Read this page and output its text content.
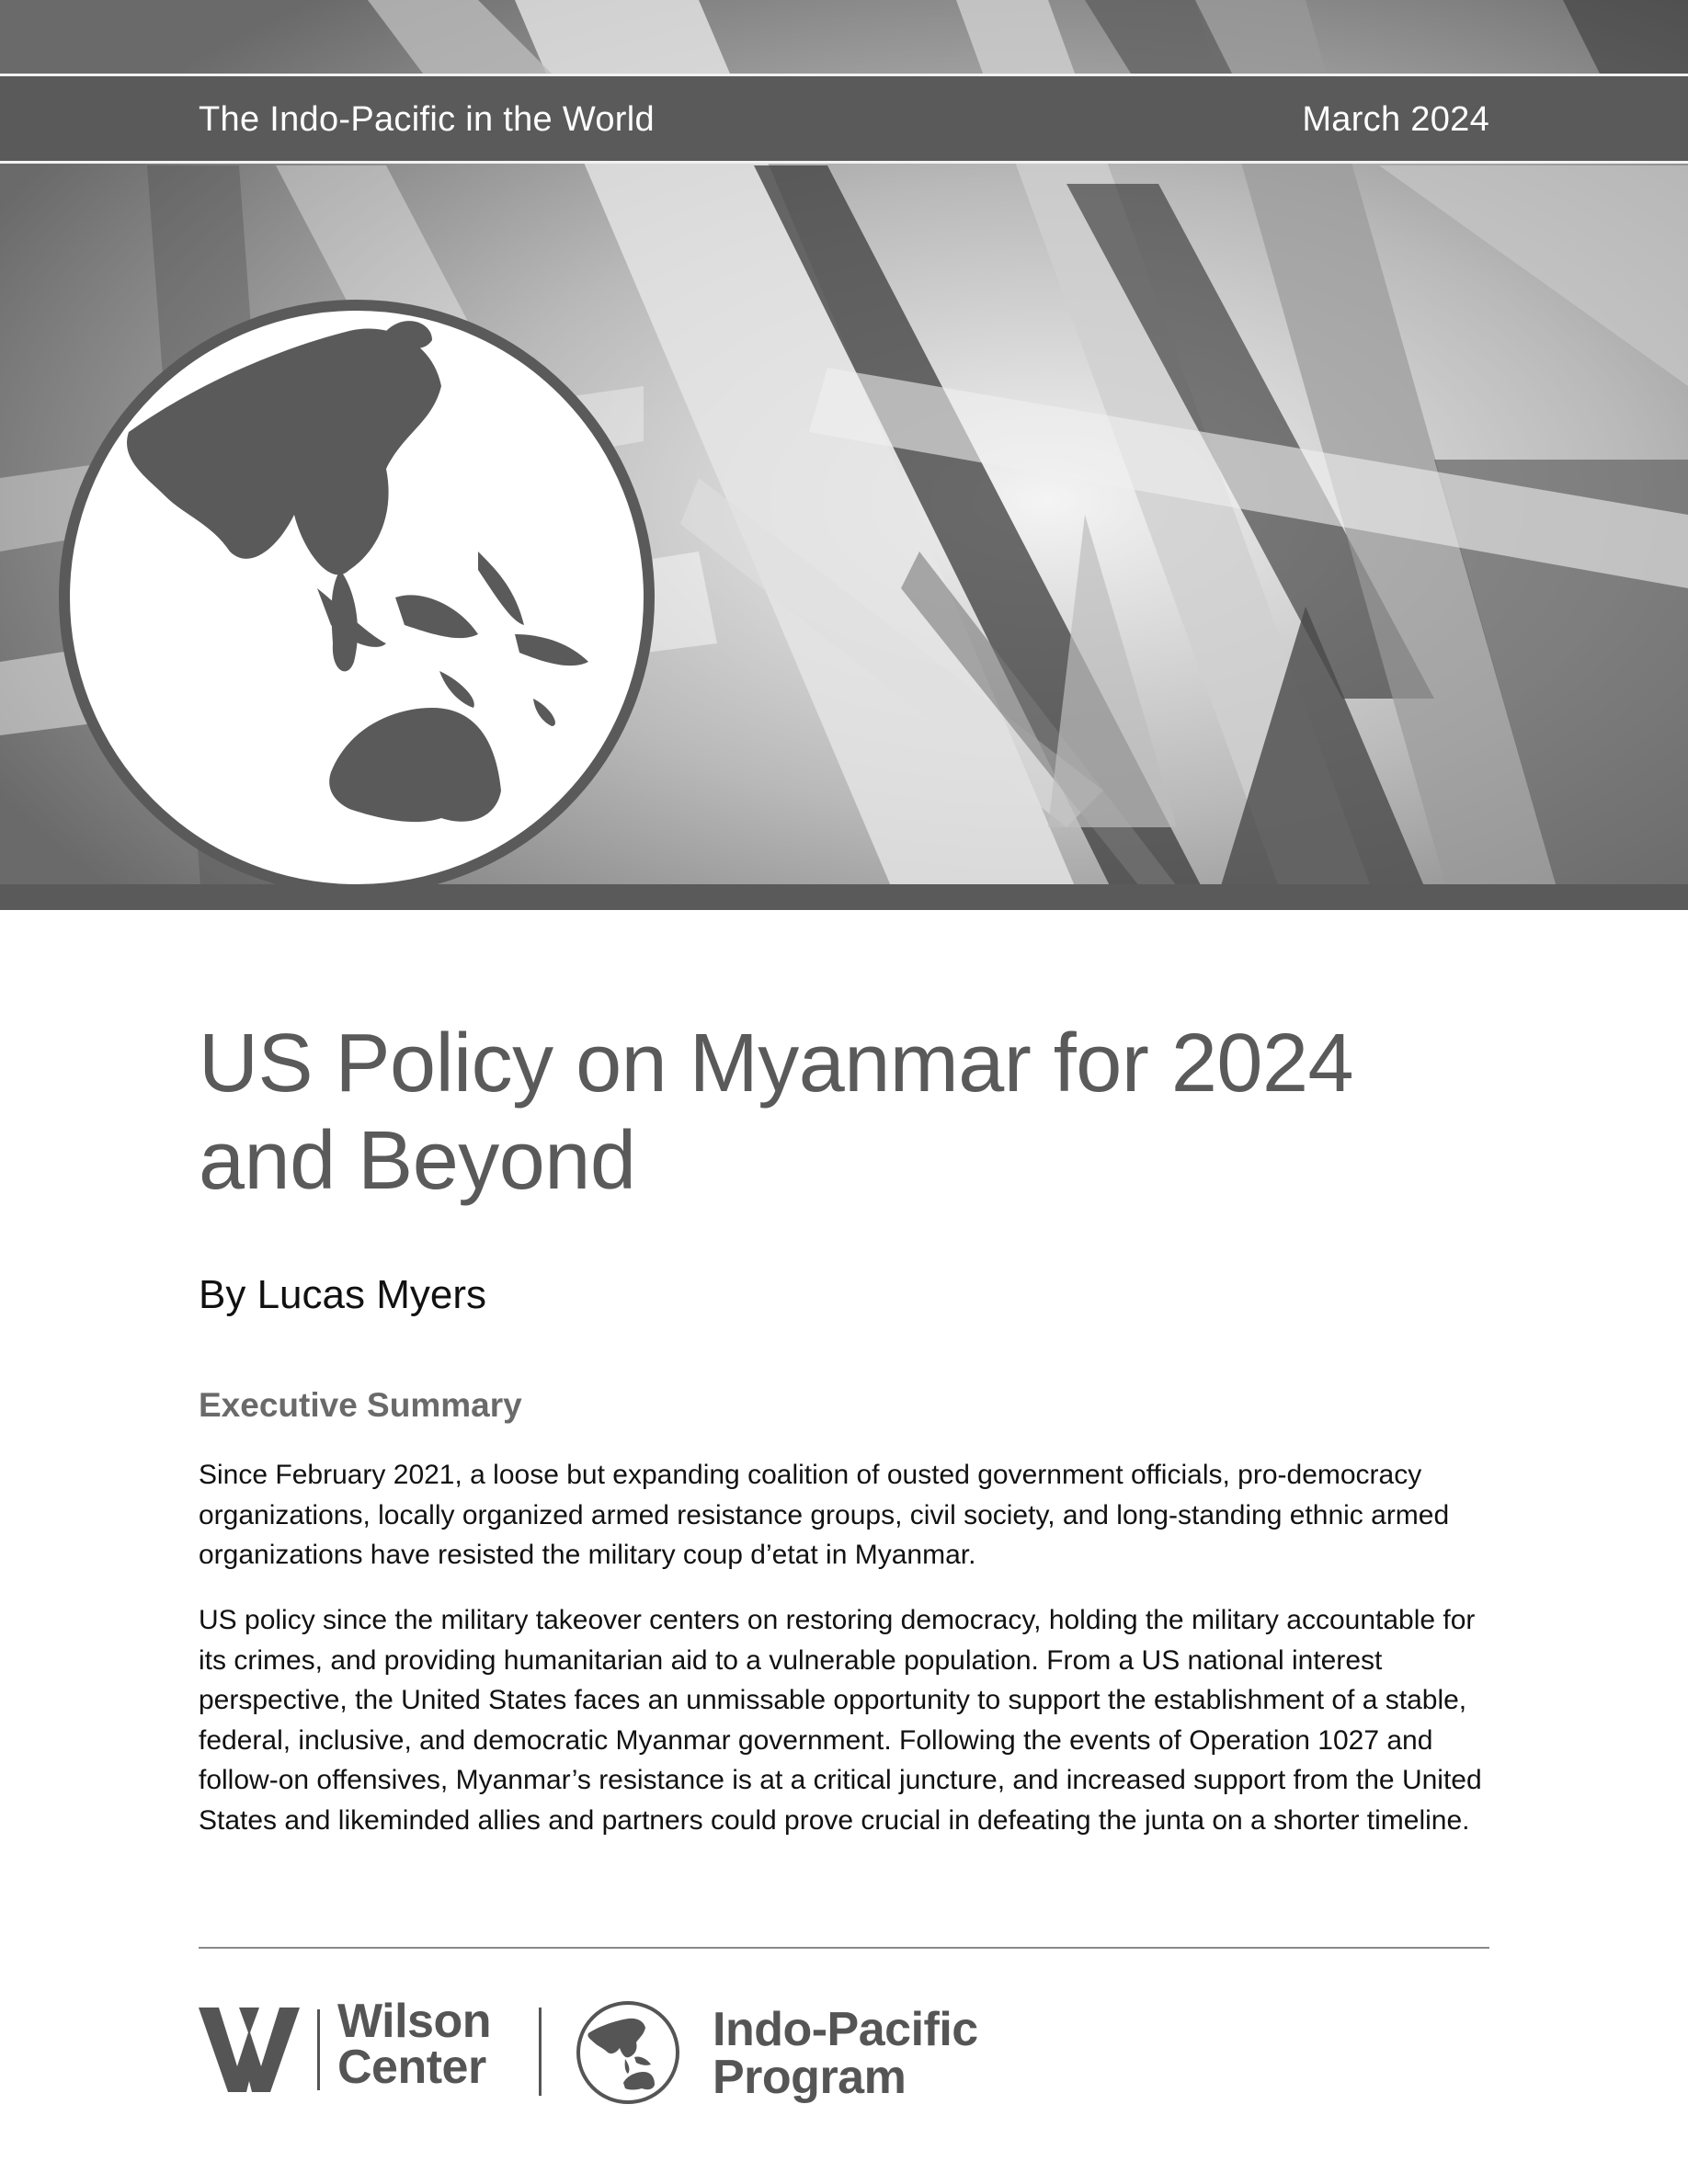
The Indo-Pacific in the World	March 2024
US Policy on Myanmar for 2024 and Beyond
By Lucas Myers
Executive Summary

Since February 2021, a loose but expanding coalition of ousted government officials, pro-democracy organizations, locally organized armed resistance groups, civil society, and long-standing ethnic armed organizations have resisted the military coup d’etat in Myanmar.

US policy since the military takeover centers on restoring democracy, holding the military accountable for its crimes, and providing humanitarian aid to a vulnerable population. From a US national interest perspective, the United States faces an unmissable opportunity to support the establishment of a stable, federal, inclusive, and democratic Myanmar government. Following the events of Operation 1027 and follow-on offensives, Myanmar’s resistance is at a critical juncture, and increased support from the United States and likeminded allies and partners could prove crucial in defeating the junta on a shorter timeline.

Wilson
Center
Indo-Pacific
Program
